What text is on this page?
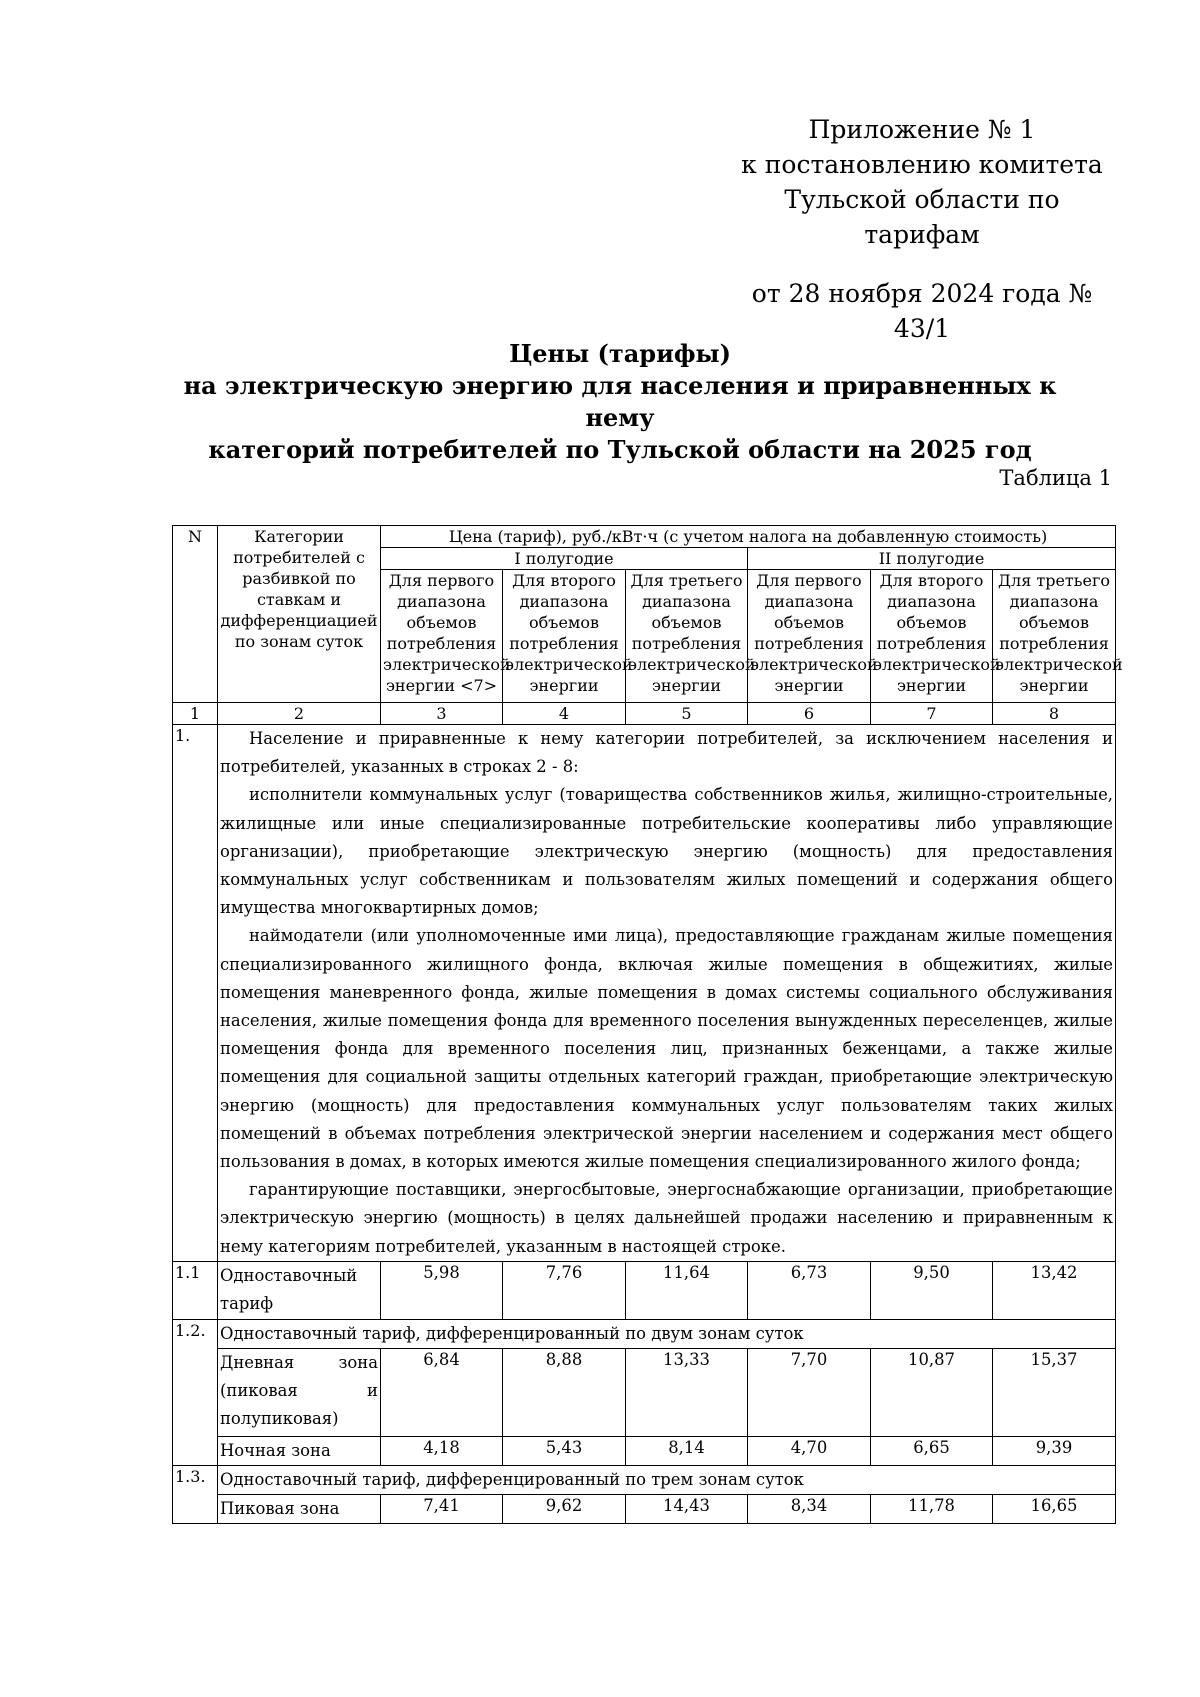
Приложение № 1
к постановлению комитета
Тульской области по тарифам
от 28 ноября 2024 года № 43/1
Цены (тарифы)
на электрическую энергию для населения и приравненных к нему
категорий потребителей по Тульской области на 2025 год
Таблица 1
N	Категории потребителей с разбивкой по ставкам и дифференциацией по зонам суток	Цена (тариф), руб./кВт·ч (с учетом налога на добавленную стоимость)					
		I полугодие			II полугодие		
		Для первого диапазона объемов потребления электрической энергии <7>	Для второго диапазона объемов потребления электрической энергии	Для третьего диапазона объемов потребления электрической энергии	Для первого диапазона объемов потребления электрической энергии	Для второго диапазона объемов потребления электрической энергии	Для третьего диапазона объемов потребления электрической энергии
1	2	3	4	5	6	7	8
1.	Население и приравненные к нему категории потребителей, за исключением населения и потребителей, указанных в строках 2 - 8:

исполнители коммунальных услуг (товарищества собственников жилья, жилищно-строительные, жилищные или иные специализированные потребительские кооперативы либо управляющие организации), приобретающие электрическую энергию (мощность) для предоставления коммунальных услуг собственникам и пользователям жилых помещений и содержания общего имущества многоквартирных домов;

наймодатели (или уполномоченные ими лица), предоставляющие гражданам жилые помещения специализированного жилищного фонда, включая жилые помещения в общежитиях, жилые помещения маневренного фонда, жилые помещения в домах системы социального обслуживания населения, жилые помещения фонда для временного поселения вынужденных переселенцев, жилые помещения фонда для временного поселения лиц, признанных беженцами, а также жилые помещения для социальной защиты отдельных категорий граждан, приобретающие электрическую энергию (мощность) для предоставления коммунальных услуг пользователям таких жилых помещений в объемах потребления электрической энергии населением и содержания мест общего пользования в домах, в которых имеются жилые помещения специализированного жилого фонда;

гарантирующие поставщики, энергосбытовые, энергоснабжающие организации, приобретающие электрическую энергию (мощность) в целях дальнейшей продажи населению и приравненным к нему категориям потребителей, указанным в настоящей строке.						

1.1	Одноставочный тариф	5,98	7,76	11,64	6,73	9,50	13,42
1.2.	Одноставочный тариф, дифференцированный по двум зонам суток						
	Дневная зона (пиковая и полупиковая)	6,84	8,88	13,33	7,70	10,87	15,37
	Ночная зона	4,18	5,43	8,14	4,70	6,65	9,39
1.3.	Одноставочный тариф, дифференцированный по трем зонам суток						
	Пиковая зона	7,41	9,62	14,43	8,34	11,78	16,65
